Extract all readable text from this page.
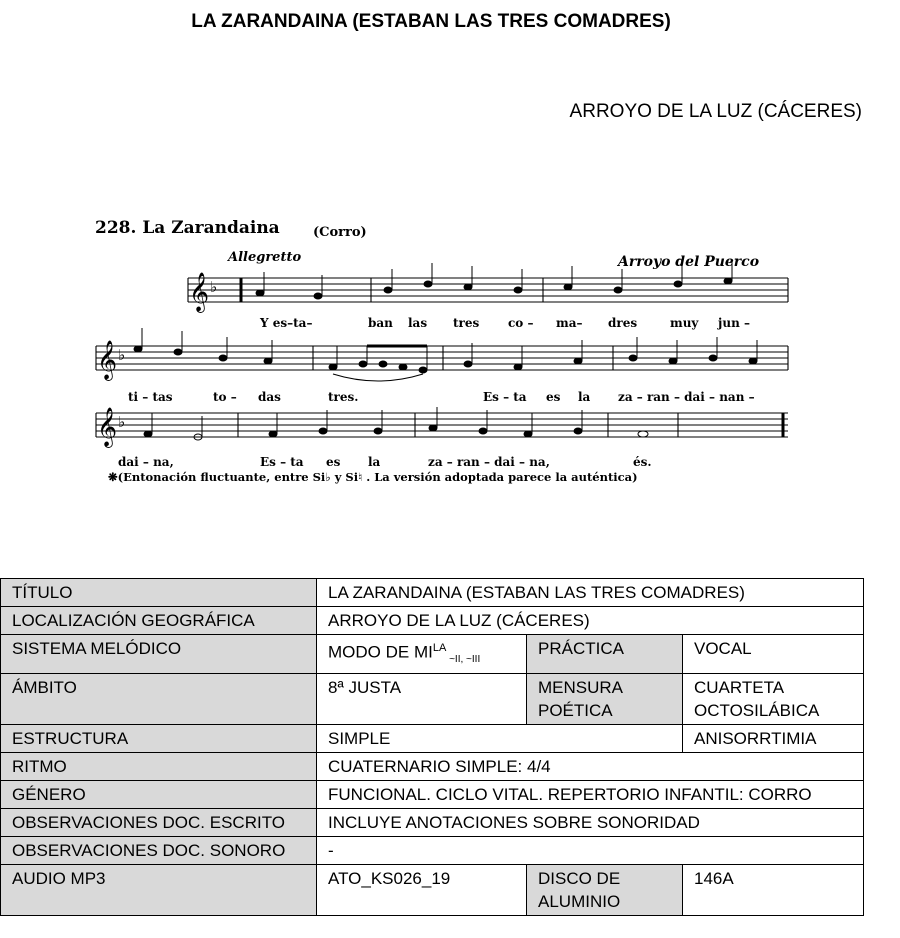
LA ZARANDAINA (ESTABAN LAS TRES COMADRES)
ARROYO DE LA LUZ (CÁCERES)
228. La Zarandaina	(Corro)
Allegretto	Arroyo del Puerco
𝄞 ♭
Y es–ta–	ban las tres co – ma– dres	muy jun –
𝄞 ♭
ti – tas	to – das	tres.	Es – ta es la za – ran – dai – nan –
𝄞 ♭
dai – na,	Es – ta es la	za – ran – dai – na,	és.
❋(Entonación fluctuante, entre Si♭ y Si♮ . La versión adoptada parece la auténtica)
TÍTULO	LA ZARANDAINA (ESTABAN LAS TRES COMADRES)		
LOCALIZACIÓN GEOGRÁFICA	ARROYO DE LA LUZ (CÁCERES)		
SISTEMA MELÓDICO	MODO DE $MI^{LA}$ $_{\sim II, \sim III}$	PRÁCTICA	VOCAL
ÁMBITO	8ª JUSTA	MENSURA POÉTICA	CUARTETA OCTOSILÁBICA
ESTRUCTURA	SIMPLE		ANISORRTIMIA
RITMO	CUATERNARIO SIMPLE: 4/4		
GÉNERO	FUNCIONAL. CICLO VITAL. REPERTORIO INFANTIL: CORRO		
OBSERVACIONES DOC. ESCRITO	INCLUYE ANOTACIONES SOBRE SONORIDAD		
OBSERVACIONES DOC. SONORO	-		
AUDIO MP3	ATO_KS026_19	DISCO DE ALUMINIO	146A
